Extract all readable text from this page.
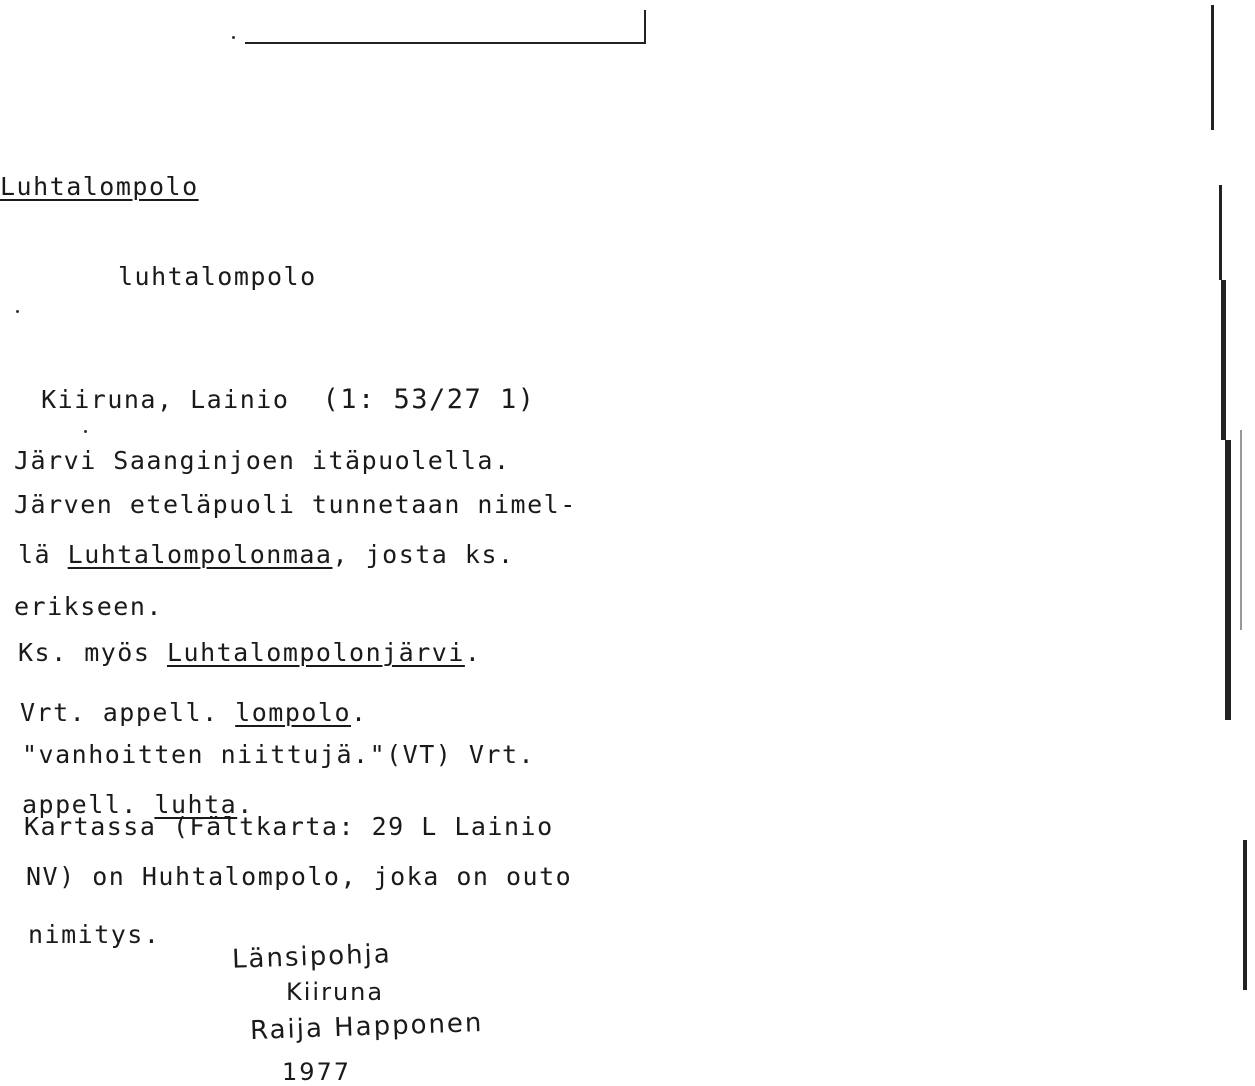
Luhtalompolo
luhtalompolo

Kiiruna, Lainio (1: 53/27 1)

Järvi Saanginjoen itäpuolella.
Järven eteläpuoli tunnetaan nimel-
lä Luhtalompolonmaa, josta ks.
erikseen.
Ks. myös Luhtalompolonjärvi.
Vrt. appell. lompolo.
"vanhoitten niittujä."(VT) Vrt.
appell. luhta.
Kartassa (Fältkarta: 29 L Lainio
NV) on Huhtalompolo, joka on outo
nimitys.
Länsipohja
Kiiruna
Raija Happonen
1977
